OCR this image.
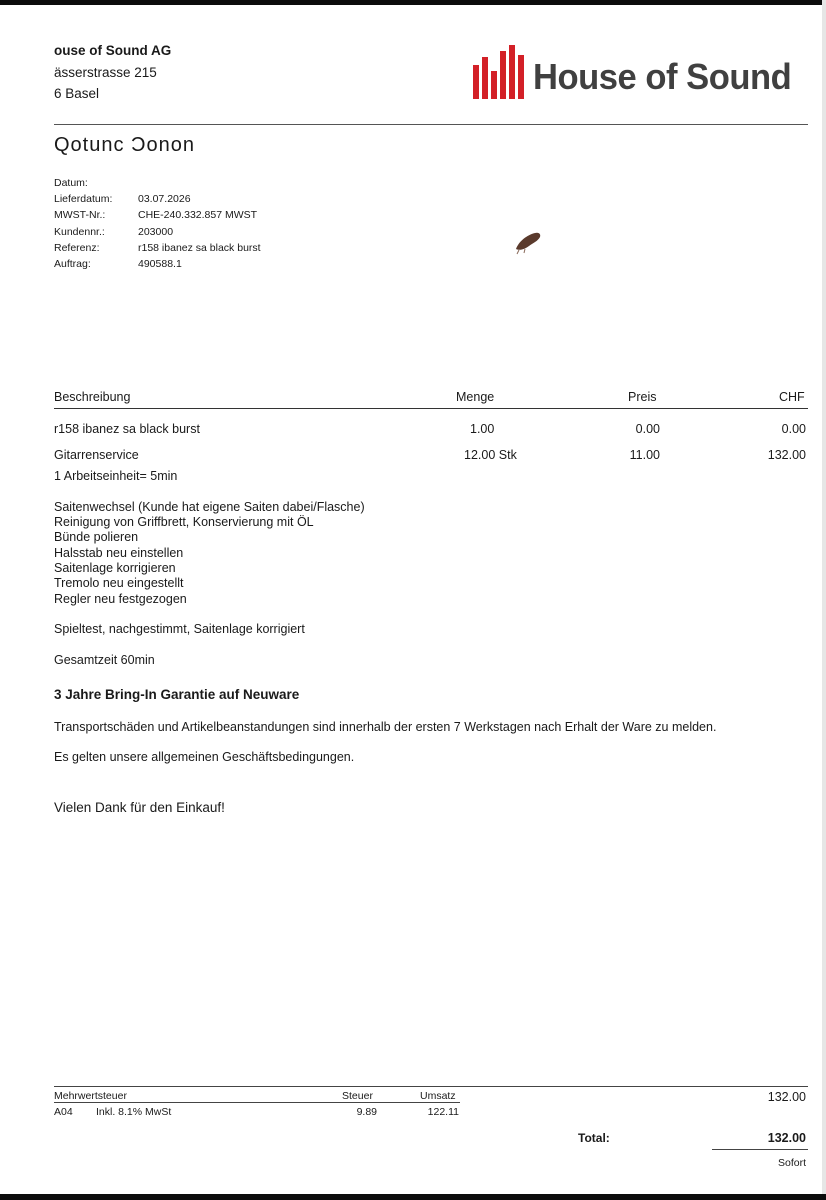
ouse of Sound AG
ässerstrasse 215
6 Basel	House of Sound
Qotunc Ͻonon
Datum:
Lieferdatum: 03.07.2026
MWST-Nr.:	CHE-240.332.857 MWST
Kundennr.:	203000
Referenz:	r158 ibanez sa black burst
Auftrag:	490588.1
Beschreibung	Menge	Preis	CHF
r158 ibanez sa black burst	1.00	0.00	0.00
Gitarrenservice	12.00 Stk	11.00	132.00
1 Arbeitseinheit= 5min
Saitenwechsel (Kunde hat eigene Saiten dabei/Flasche)
Reinigung von Griffbrett, Konservierung mit ÖL
Bünde polieren
Halsstab neu einstellen
Saitenlage korrigieren
Tremolo neu eingestellt
Regler neu festgezogen
Spieltest, nachgestimmt, Saitenlage korrigiert
Gesamtzeit 60min
3 Jahre Bring-In Garantie auf Neuware
Transportschäden und Artikelbeanstandungen sind innerhalb der ersten 7 Werkstagen nach Erhalt der Ware zu melden.
Es gelten unsere allgemeinen Geschäftsbedingungen.
Vielen Dank für den Einkauf!
Mehrwertsteuer	Steuer	Umsatz	132.00
A04 Inkl. 8.1% MwSt	9.89	122.11
Total:	132.00
Sofort
